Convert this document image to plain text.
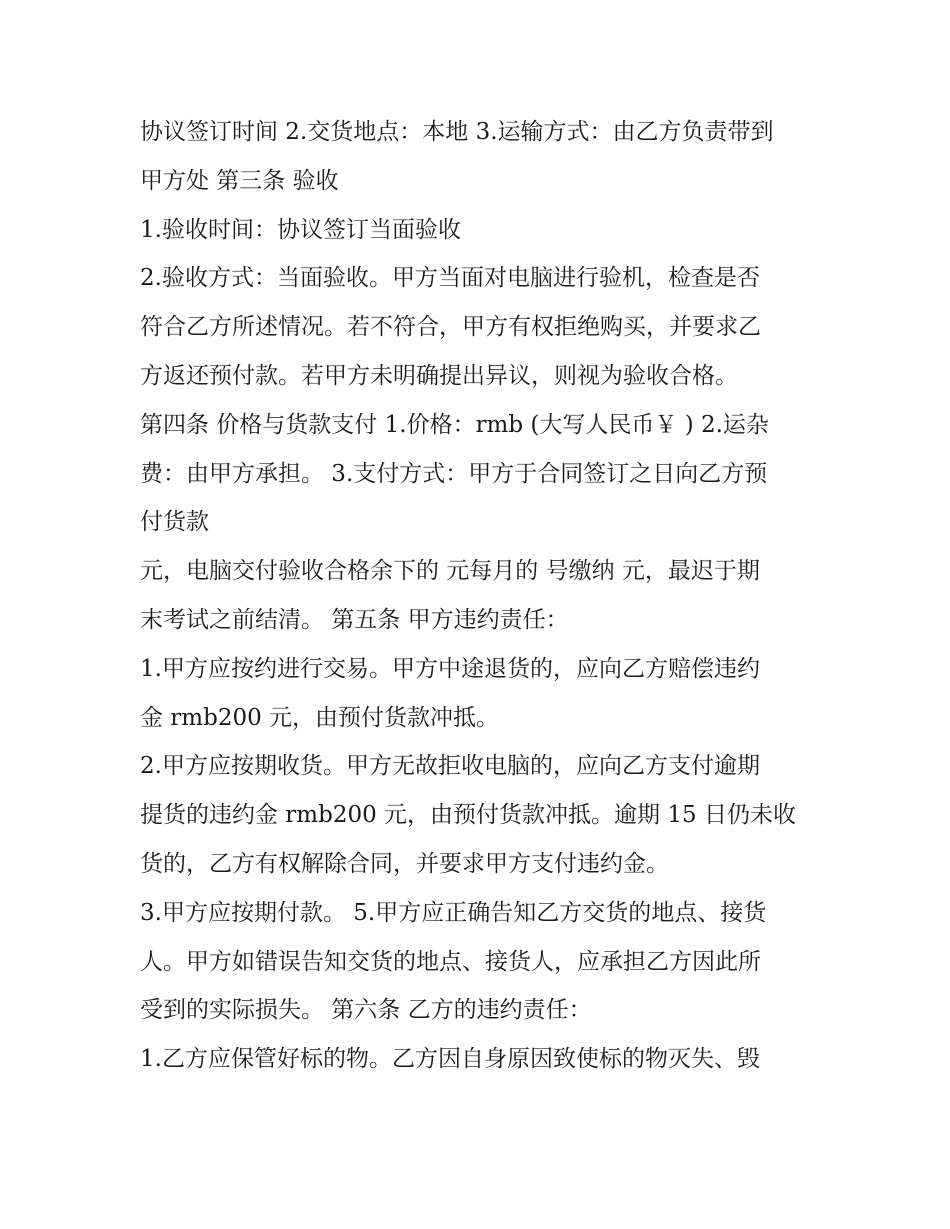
协议签订时间 2.交货地点：本地 3.运输方式：由乙方负责带到
甲方处 第三条 验收
1.验收时间：协议签订当面验收
2.验收方式：当面验收。甲方当面对电脑进行验机，检查是否
符合乙方所述情况。若不符合，甲方有权拒绝购买，并要求乙
方返还预付款。若甲方未明确提出异议，则视为验收合格。
第四条 价格与货款支付 1.价格：rmb (大写人民币￥ ) 2.运杂
费：由甲方承担。 3.支付方式：甲方于合同签订之日向乙方预
付货款
元，电脑交付验收合格余下的 元每月的 号缴纳 元，最迟于期
末考试之前结清。 第五条 甲方违约责任：
1.甲方应按约进行交易。甲方中途退货的，应向乙方赔偿违约
金 rmb200 元，由预付货款冲抵。
2.甲方应按期收货。甲方无故拒收电脑的，应向乙方支付逾期
提货的违约金 rmb200 元，由预付货款冲抵。逾期 15 日仍未收
货的，乙方有权解除合同，并要求甲方支付违约金。
3.甲方应按期付款。 5.甲方应正确告知乙方交货的地点、接货
人。甲方如错误告知交货的地点、接货人，应承担乙方因此所
受到的实际损失。 第六条 乙方的违约责任：
1.乙方应保管好标的物。乙方因自身原因致使标的物灭失、毁
